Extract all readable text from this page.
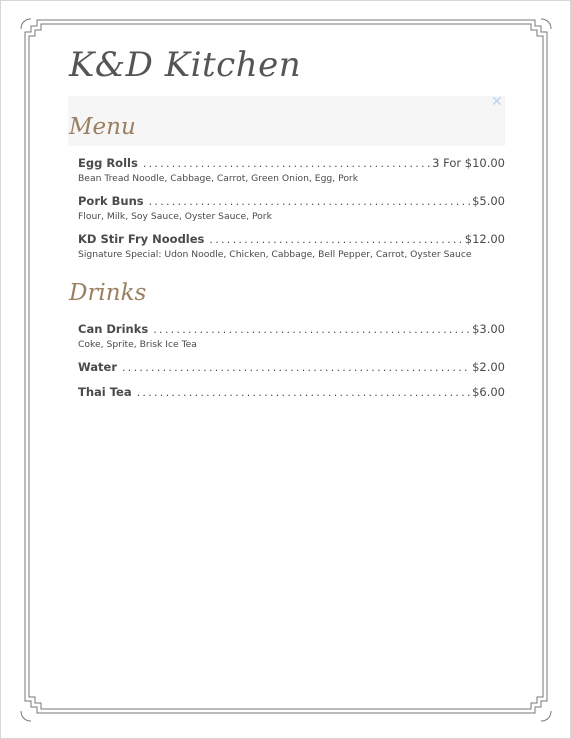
K&D Kitchen
✕
Menu
Egg Rolls .....	3 For $10.00
Bean Tread Noodle, Cabbage, Carrot, Green Onion, Egg, Pork
Pork Buns .....	$5.00
Flour, Milk, Soy Sauce, Oyster Sauce, Pork
KD Stir Fry Noodles .....	$12.00
Signature Special: Udon Noodle, Chicken, Cabbage, Bell Pepper, Carrot, Oyster Sauce
Drinks
Can Drinks .....	$3.00
Coke, Sprite, Brisk Ice Tea
Water .....	$2.00
Thai Tea .....	$6.00
